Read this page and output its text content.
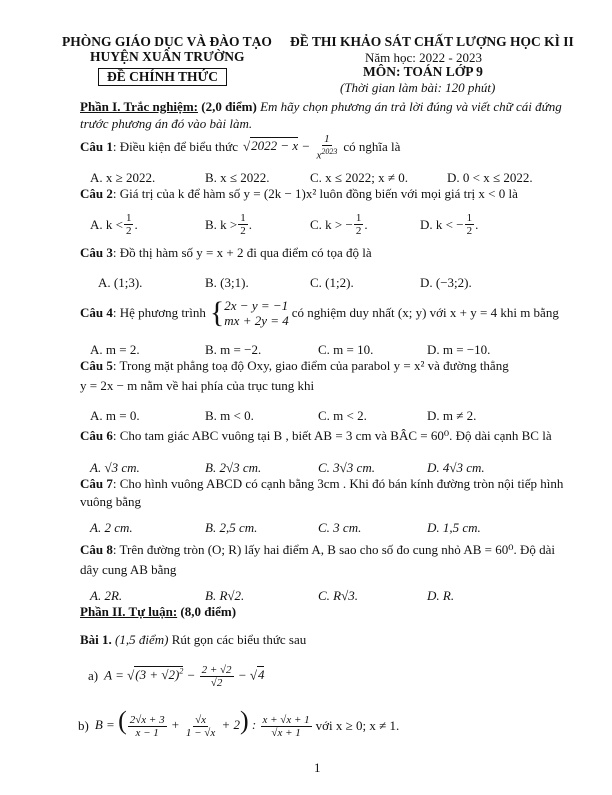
PHÒNG GIÁO DỤC VÀ ĐÀO TẠO
HUYỆN XUÂN TRƯỜNG
ĐỀ CHÍNH THỨC
ĐỀ THI KHẢO SÁT CHẤT LƯỢNG HỌC KÌ II
Năm học: 2022 - 2023
MÔN: TOÁN LỚP 9
(Thời gian làm bài: 120 phút)
Phần I. Trắc nghiệm: (2,0 điểm) Em hãy chọn phương án trả lời đúng và viết chữ cái đứng
trước phương án đó vào bài làm.
Câu 1 : Điều kiện để biểu thức $√2022 - x - \frac{1}{x^{2023}}$ có nghĩa là
A. x ≥ 2022.	B. x ≤ 2022.	C. x ≤ 2022; x ≠ 0.	D. 0 < x ≤ 2022.
Câu 2: Giá trị của k để hàm số y = (2k − 1)x² luôn đồng biến với mọi giá trị x < 0 là
A. $k < \frac{1}{2}$ .	B. $k > \frac{1}{2}$ .	C. k > − $\frac{1}{2}$ .	D. k < − $\frac{1}{2}$ .
Câu 3: Đồ thị hàm số y = x + 2 đi qua điểm có tọa độ là
A. (1;3).	B. (3;1).	C. (1;2).	D. (−3;2).
Câu 4 : Hệ phương trình { 2x − y = −1
mx + 2y = 4
có nghiệm duy nhất (x; y) với x + y = 4 khi m bằng
A. m = 2.	B. m = −2.	C. m = 10.	D. m = −10.
Câu 5: Trong mặt phẳng toạ độ Oxy, giao điểm của parabol y = x² và đường thẳng
y = 2x − m nằm về hai phía của trục tung khi
A. m = 0.	B. m < 0.	C. m < 2.	D. m ≠ 2.
Câu 6: Cho tam giác ABC vuông tại B , biết AB = 3 cm và BÂC = 60⁰. Độ dài cạnh BC là
A. √3 cm.	B. 2√3 cm.	C. 3√3 cm.	D. 4√3 cm.
Câu 7: Cho hình vuông ABCD có cạnh bằng 3cm . Khi đó bán kính đường tròn nội tiếp hình
vuông bằng
A. 2 cm.	B. 2,5 cm.	C. 3 cm.	D. 1,5 cm.
Câu 8: Trên đường tròn (O; R) lấy hai điểm A, B sao cho số đo cung nhỏ AB = 60⁰. Độ dài
dây cung AB bằng
A. 2R.	B. R√2.	C. R√3.	D. R.
Phần II. Tự luận: (8,0 điểm)
Bài 1. (1,5 điểm) Rút gọn các biểu thức sau
a) $A = √(3 + √2)^2 - \frac{2 + √2}{√2} - √4$
b) B = ( $\frac{2√x + 3}{x - 1} + \frac{√x}{1 - √x} + 2$) : $\frac{x + √x + 1}{√x + 1}$ với x ≥ 0; x ≠ 1.
1
